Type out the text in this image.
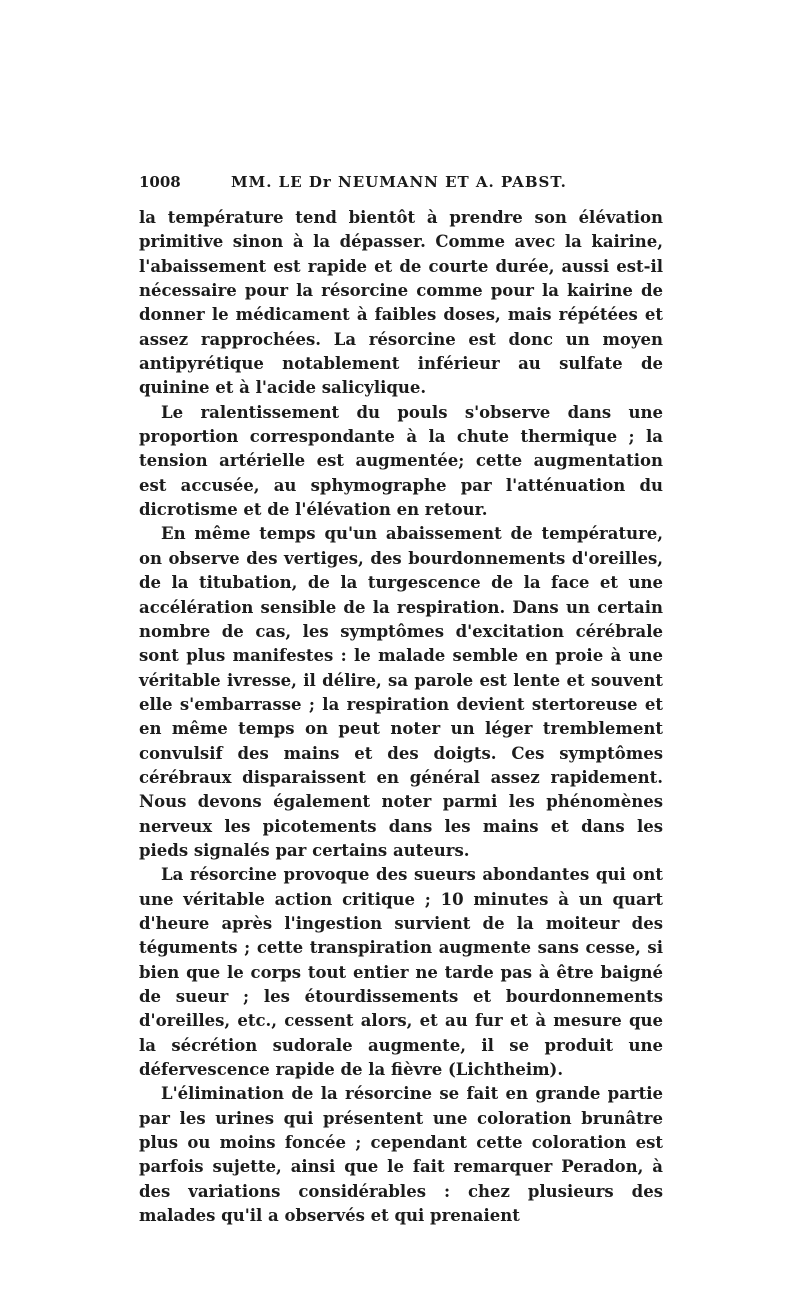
1008	MM. LE Dr NEUMANN ET A. PABST.

la température tend bientôt à prendre son élévation primitive sinon à la dépasser. Comme avec la kairine, l'abaissement est rapide et de courte durée, aussi est-il nécessaire pour la résorcine comme pour la kairine de donner le médicament à faibles doses, mais répétées et assez rapprochées. La résorcine est donc un moyen antipyrétique notablement inférieur au sulfate de quinine et à l'acide salicylique.

Le ralentissement du pouls s'observe dans une proportion correspondante à la chute thermique ; la tension artérielle est augmentée; cette augmentation est accusée, au sphymographe par l'atténuation du dicrotisme et de l'élévation en retour.

En même temps qu'un abaissement de température, on observe des vertiges, des bourdonnements d'oreilles, de la titubation, de la turgescence de la face et une accélération sensible de la respiration. Dans un certain nombre de cas, les symptômes d'excitation cérébrale sont plus manifestes : le malade semble en proie à une véritable ivresse, il délire, sa parole est lente et souvent elle s'embarrasse ; la respiration devient stertoreuse et en même temps on peut noter un léger tremblement convulsif des mains et des doigts. Ces symptômes cérébraux disparaissent en général assez rapidement. Nous devons également noter parmi les phénomènes nerveux les picotements dans les mains et dans les pieds signalés par certains auteurs.

La résorcine provoque des sueurs abondantes qui ont une véritable action critique ; 10 minutes à un quart d'heure après l'ingestion survient de la moiteur des téguments ; cette transpiration augmente sans cesse, si bien que le corps tout entier ne tarde pas à être baigné de sueur ; les étourdissements et bourdonnements d'oreilles, etc., cessent alors, et au fur et à mesure que la sécrétion sudorale augmente, il se produit une défervescence rapide de la fièvre (Lichtheim).

L'élimination de la résorcine se fait en grande partie par les urines qui présentent une coloration brunâtre plus ou moins foncée ; cependant cette coloration est parfois sujette, ainsi que le fait remarquer Peradon, à des variations considérables : chez plusieurs des malades qu'il a observés et qui prenaient
